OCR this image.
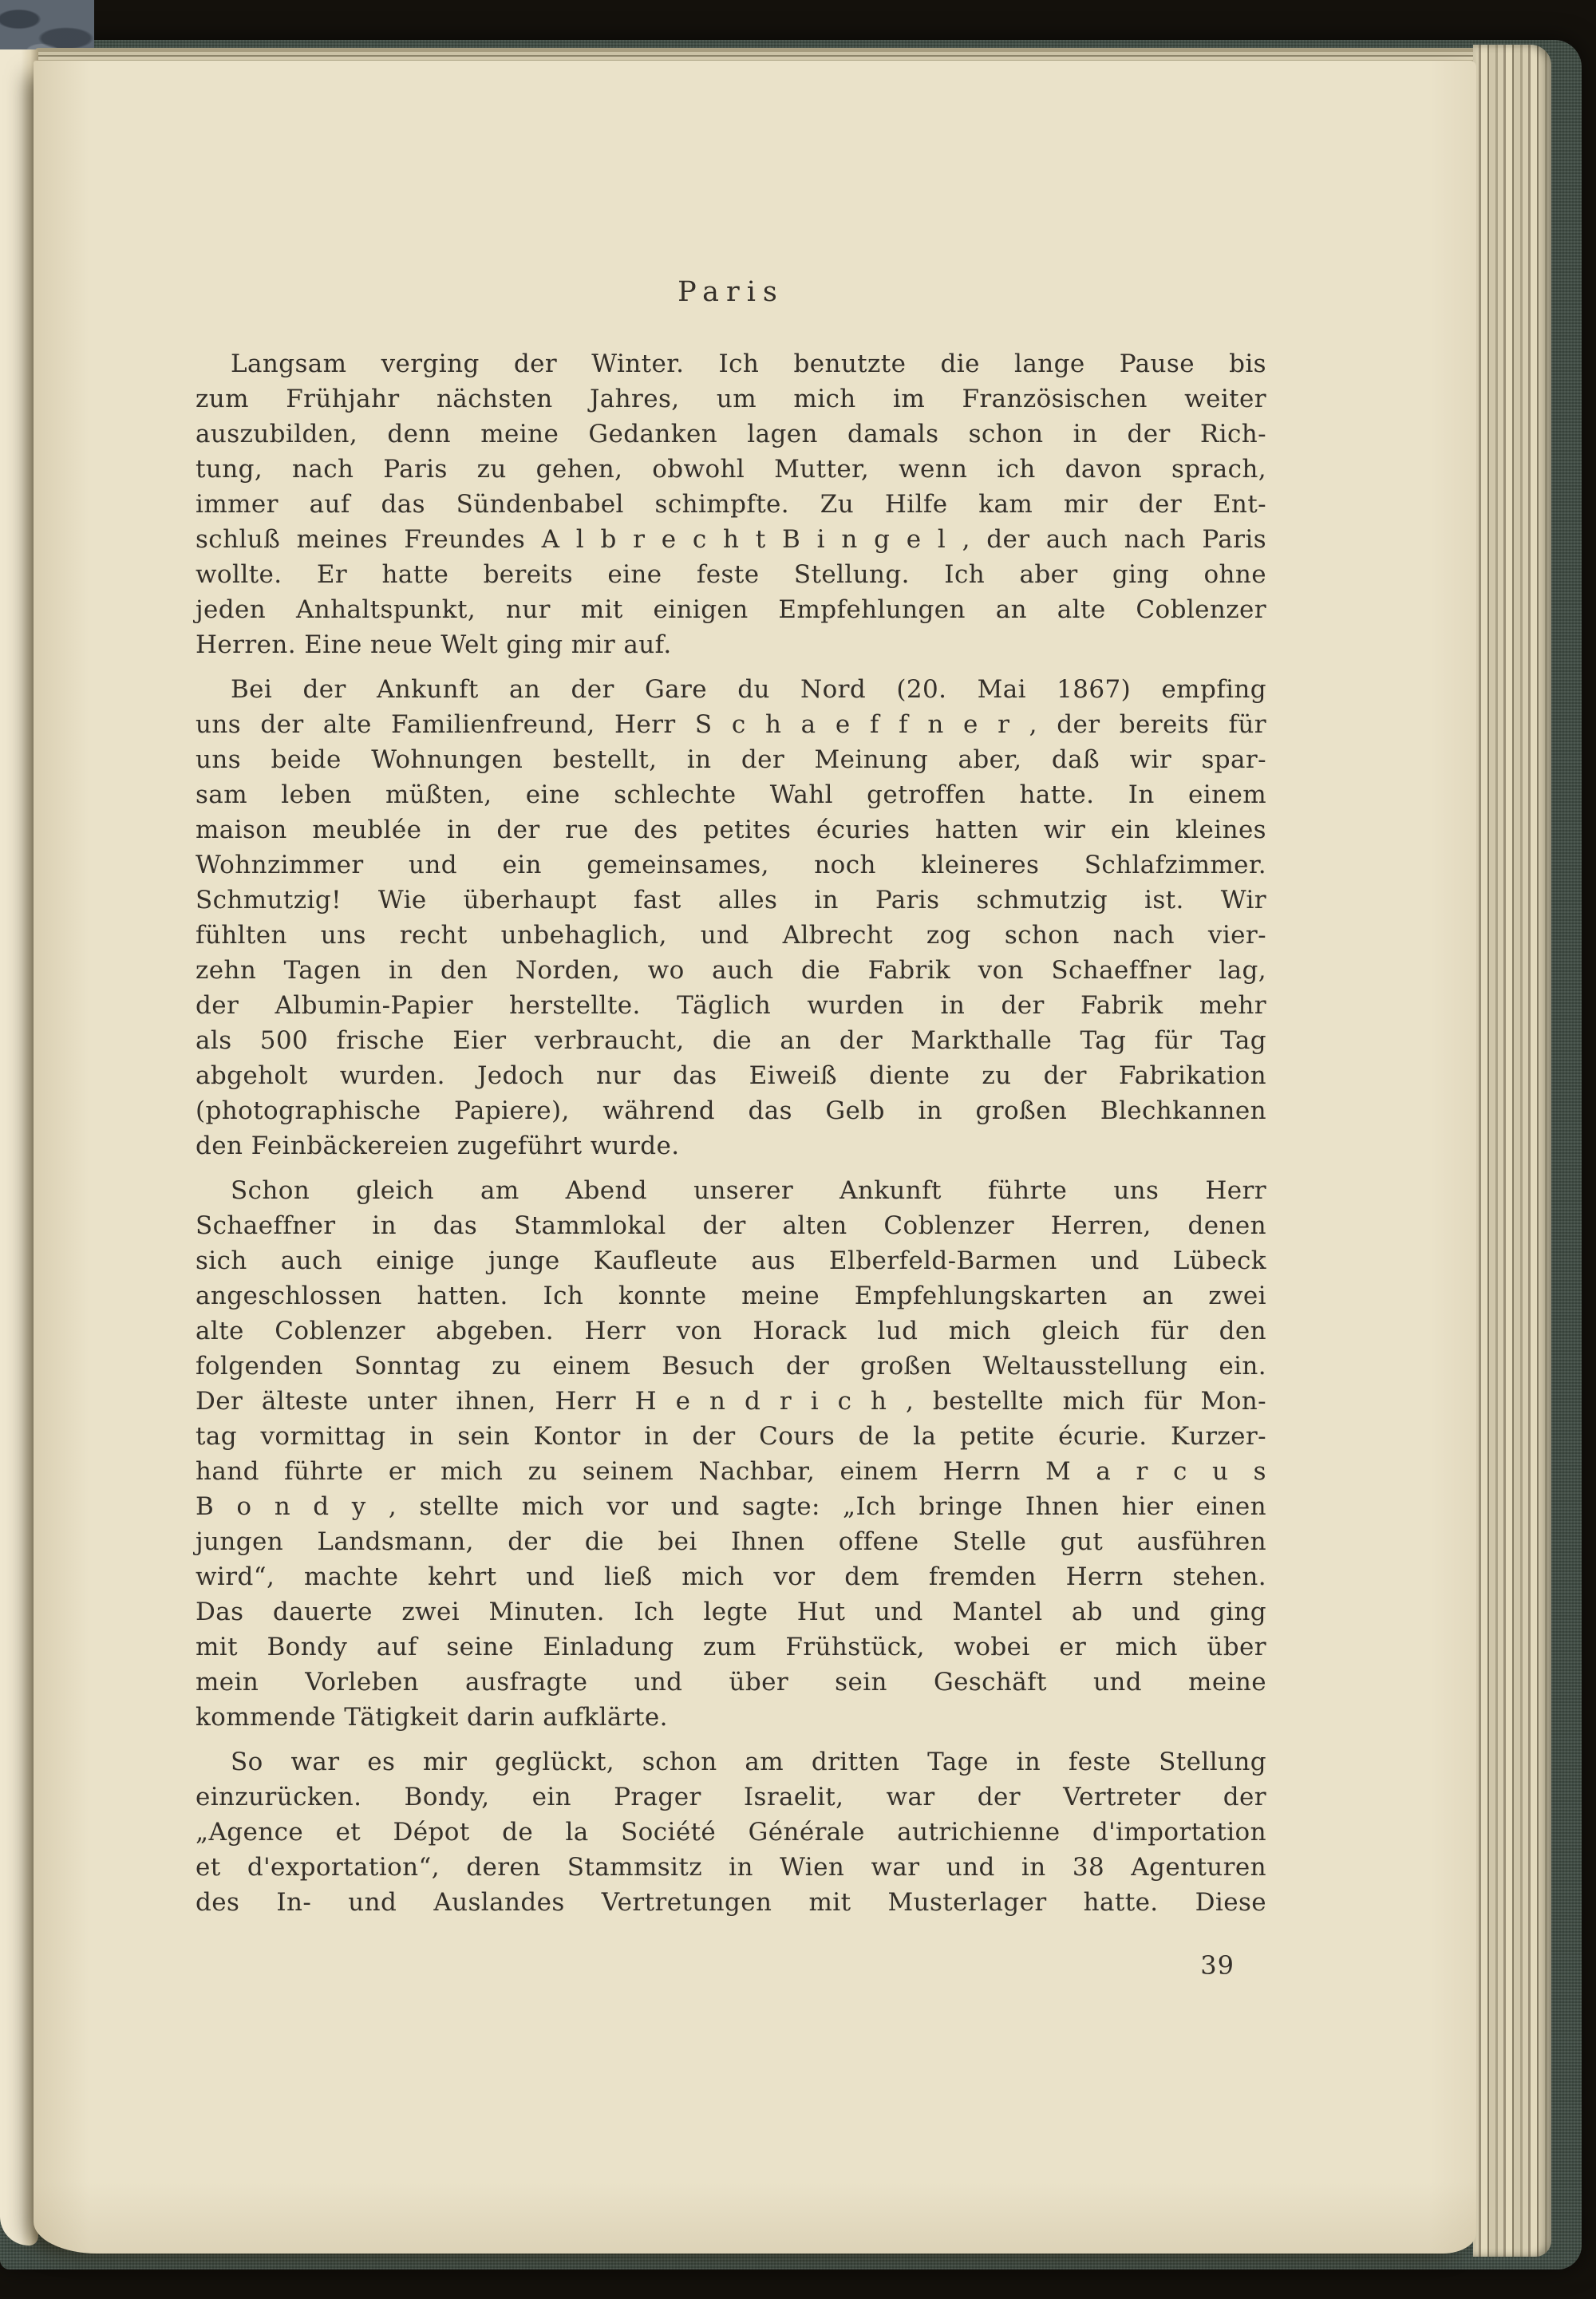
Paris
Langsam verging der Winter. Ich benutzte die lange Pause bis
zum Frühjahr nächsten Jahres, um mich im Französischen weiter
auszubilden, denn meine Gedanken lagen damals schon in der Rich-
tung, nach Paris zu gehen, obwohl Mutter, wenn ich davon sprach,
immer auf das Sündenbabel schimpfte. Zu Hilfe kam mir der Ent-
schluß meines Freundes A l b r e c h t B i n g e l , der auch nach Paris
wollte. Er hatte bereits eine feste Stellung. Ich aber ging ohne
jeden Anhaltspunkt, nur mit einigen Empfehlungen an alte Coblenzer
Herren. Eine neue Welt ging mir auf.
Bei der Ankunft an der Gare du Nord (20. Mai 1867) empfing
uns der alte Familienfreund, Herr S c h a e f f n e r , der bereits für
uns beide Wohnungen bestellt, in der Meinung aber, daß wir spar-
sam leben müßten, eine schlechte Wahl getroffen hatte. In einem
maison meublée in der rue des petites écuries hatten wir ein kleines
Wohnzimmer und ein gemeinsames, noch kleineres Schlafzimmer.
Schmutzig! Wie überhaupt fast alles in Paris schmutzig ist. Wir
fühlten uns recht unbehaglich, und Albrecht zog schon nach vier-
zehn Tagen in den Norden, wo auch die Fabrik von Schaeffner lag,
der Albumin-Papier herstellte. Täglich wurden in der Fabrik mehr
als 500 frische Eier verbraucht, die an der Markthalle Tag für Tag
abgeholt wurden. Jedoch nur das Eiweiß diente zu der Fabrikation
(photographische Papiere), während das Gelb in großen Blechkannen
den Feinbäckereien zugeführt wurde.
Schon gleich am Abend unserer Ankunft führte uns Herr
Schaeffner in das Stammlokal der alten Coblenzer Herren, denen
sich auch einige junge Kaufleute aus Elberfeld-Barmen und Lübeck
angeschlossen hatten. Ich konnte meine Empfehlungskarten an zwei
alte Coblenzer abgeben. Herr von Horack lud mich gleich für den
folgenden Sonntag zu einem Besuch der großen Weltausstellung ein.
Der älteste unter ihnen, Herr H e n d r i c h , bestellte mich für Mon-
tag vormittag in sein Kontor in der Cours de la petite écurie. Kurzer-
hand führte er mich zu seinem Nachbar, einem Herrn M a r c u s
B o n d y , stellte mich vor und sagte: „Ich bringe Ihnen hier einen
jungen Landsmann, der die bei Ihnen offene Stelle gut ausführen
wird“, machte kehrt und ließ mich vor dem fremden Herrn stehen.
Das dauerte zwei Minuten. Ich legte Hut und Mantel ab und ging
mit Bondy auf seine Einladung zum Frühstück, wobei er mich über
mein Vorleben ausfragte und über sein Geschäft und meine
kommende Tätigkeit darin aufklärte.
So war es mir geglückt, schon am dritten Tage in feste Stellung
einzurücken. Bondy, ein Prager Israelit, war der Vertreter der
„Agence et Dépot de la Société Générale autrichienne d'importation
et d'exportation“, deren Stammsitz in Wien war und in 38 Agenturen
des In- und Auslandes Vertretungen mit Musterlager hatte. Diese
39
